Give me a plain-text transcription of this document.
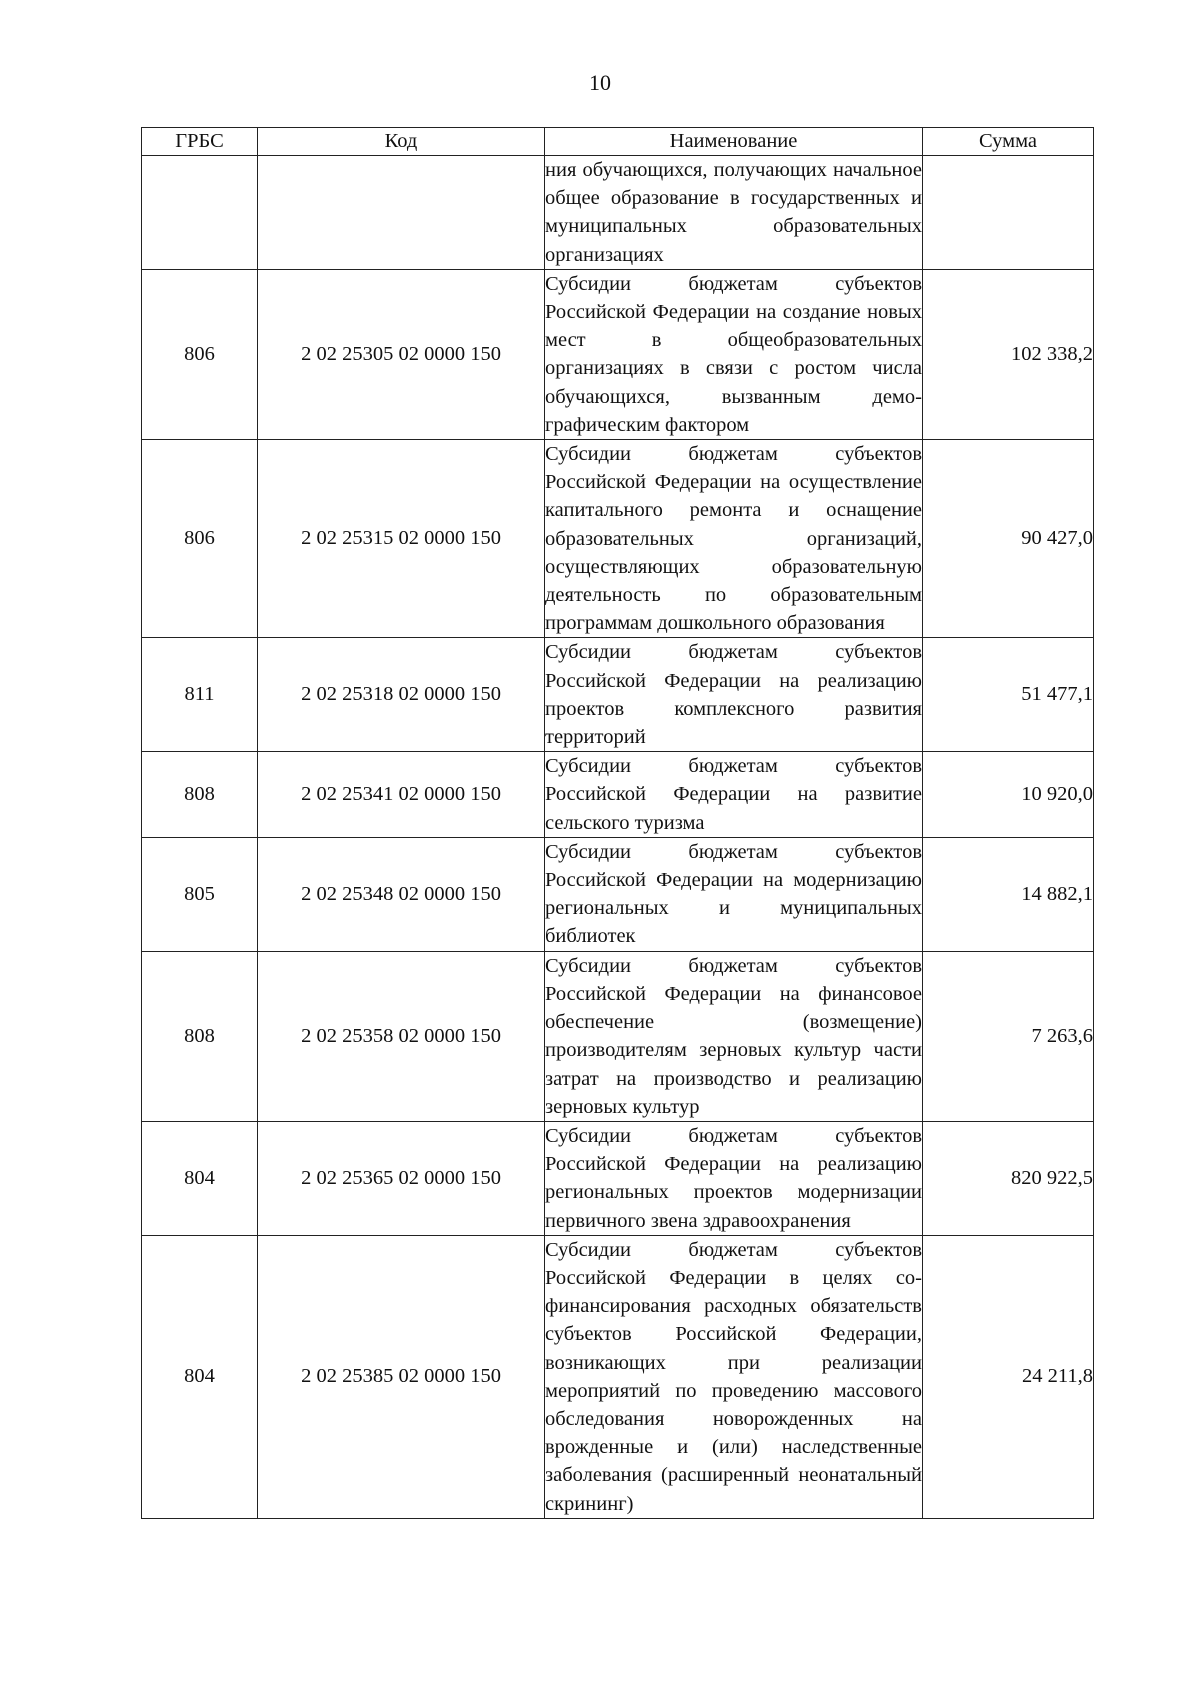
10
ГРБС	Код	Наименование	Сумма
		ния обучающихся, получающих начальное общее образование в государственных и муниципальных образовательных организациях	
806	2 02 25305 02 0000 150	Субсидии бюджетам субъектов Российской Федерации на создание новых мест в общеобразовательных организациях в связи с ростом числа обучающихся, вызванным демографическим фактором	102 338,2
806	2 02 25315 02 0000 150	Субсидии бюджетам субъектов Российской Федерации на осуществление капитального ремонта и оснащение образовательных организаций, осуществляющих образовательную деятельность по образовательным программам дошкольного образования	90 427,0
811	2 02 25318 02 0000 150	Субсидии бюджетам субъектов Российской Федерации на реализацию проектов комплексного развития территорий	51 477,1
808	2 02 25341 02 0000 150	Субсидии бюджетам субъектов Российской Федерации на развитие сельского туризма	10 920,0
805	2 02 25348 02 0000 150	Субсидии бюджетам субъектов Российской Федерации на модернизацию региональных и муниципальных библиотек	14 882,1
808	2 02 25358 02 0000 150	Субсидии бюджетам субъектов Российской Федерации на финансовое обеспечение (возмещение) производителям зерновых культур части затрат на производство и реализацию зерновых культур	7 263,6
804	2 02 25365 02 0000 150	Субсидии бюджетам субъектов Российской Федерации на реализацию региональных проектов модернизации первичного звена здравоохранения	820 922,5
804	2 02 25385 02 0000 150	Субсидии бюджетам субъектов Российской Федерации в целях софинансирования расходных обязательств субъектов Российской Федерации, возникающих при реализации мероприятий по проведению массового обследования новорожденных на врожденные и (или) наследственные заболевания (расширенный неонатальный скрининг)	24 211,8
